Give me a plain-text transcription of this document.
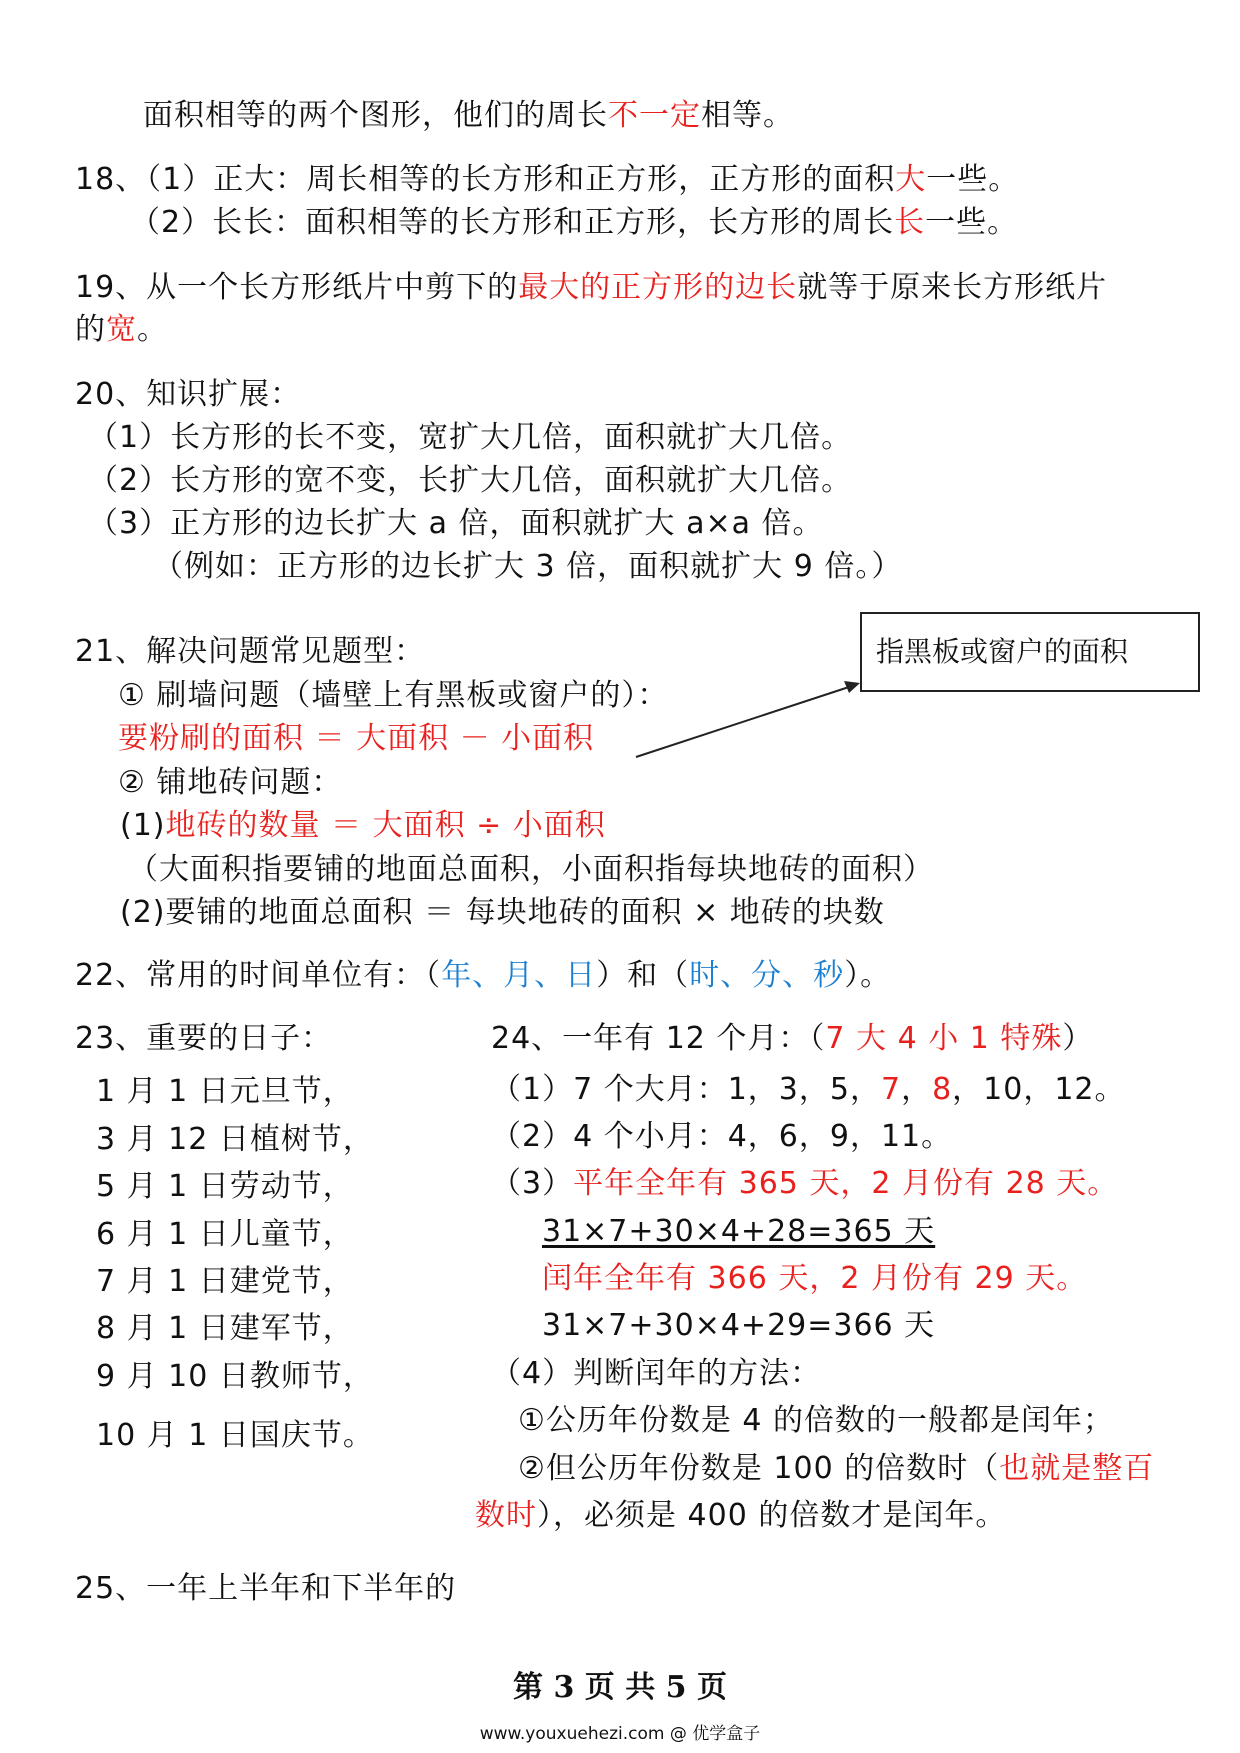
面积相等的两个图形，他们的周长不一定相等。
18、（1）正大：周长相等的长方形和正方形，正方形的面积大一些。
（2）长长：面积相等的长方形和正方形，长方形的周长长一些。
19、从一个长方形纸片中剪下的最大的正方形的边长就等于原来长方形纸片
的宽。
20、知识扩展：
（1）长方形的长不变，宽扩大几倍，面积就扩大几倍。
（2）长方形的宽不变，长扩大几倍，面积就扩大几倍。
（3）正方形的边长扩大 a 倍，面积就扩大 a×a 倍。
（例如：正方形的边长扩大 3 倍，面积就扩大 9 倍。）
21、解决问题常见题型：
① 刷墙问题（墙壁上有黑板或窗户的）：
要粉刷的面积 ＝ 大面积 － 小面积
② 铺地砖问题：
(1)地砖的数量 ＝ 大面积 ÷ 小面积
（大面积指要铺的地面总面积，小面积指每块地砖的面积）
(2)要铺的地面总面积 ＝ 每块地砖的面积 × 地砖的块数
指黑板或窗户的面积
22、常用的时间单位有：（年、月、日）和（时、分、秒）。
23、重要的日子：
1 月 1 日元旦节，
3 月 12 日植树节，
5 月 1 日劳动节，
6 月 1 日儿童节，
7 月 1 日建党节，
8 月 1 日建军节，
9 月 10 日教师节，
10 月 1 日国庆节。
24、一年有 12 个月：（7 大 4 小 1 特殊）
（1）7 个大月：1，3，5，7，8，10，12。
（2）4 个小月：4，6，9，11。
（3）平年全年有 365 天，2 月份有 28 天。
31×7+30×4+28=365 天
闰年全年有 366 天，2 月份有 29 天。
31×7+30×4+29=366 天
（4）判断闰年的方法：
①公历年份数是 4 的倍数的一般都是闰年；
②但公历年份数是 100 的倍数时（也就是整百
数时），必须是 400 的倍数才是闰年。
25、一年上半年和下半年的
第 3 页 共 5 页
www.youxuehezi.com @ 优学盒子
